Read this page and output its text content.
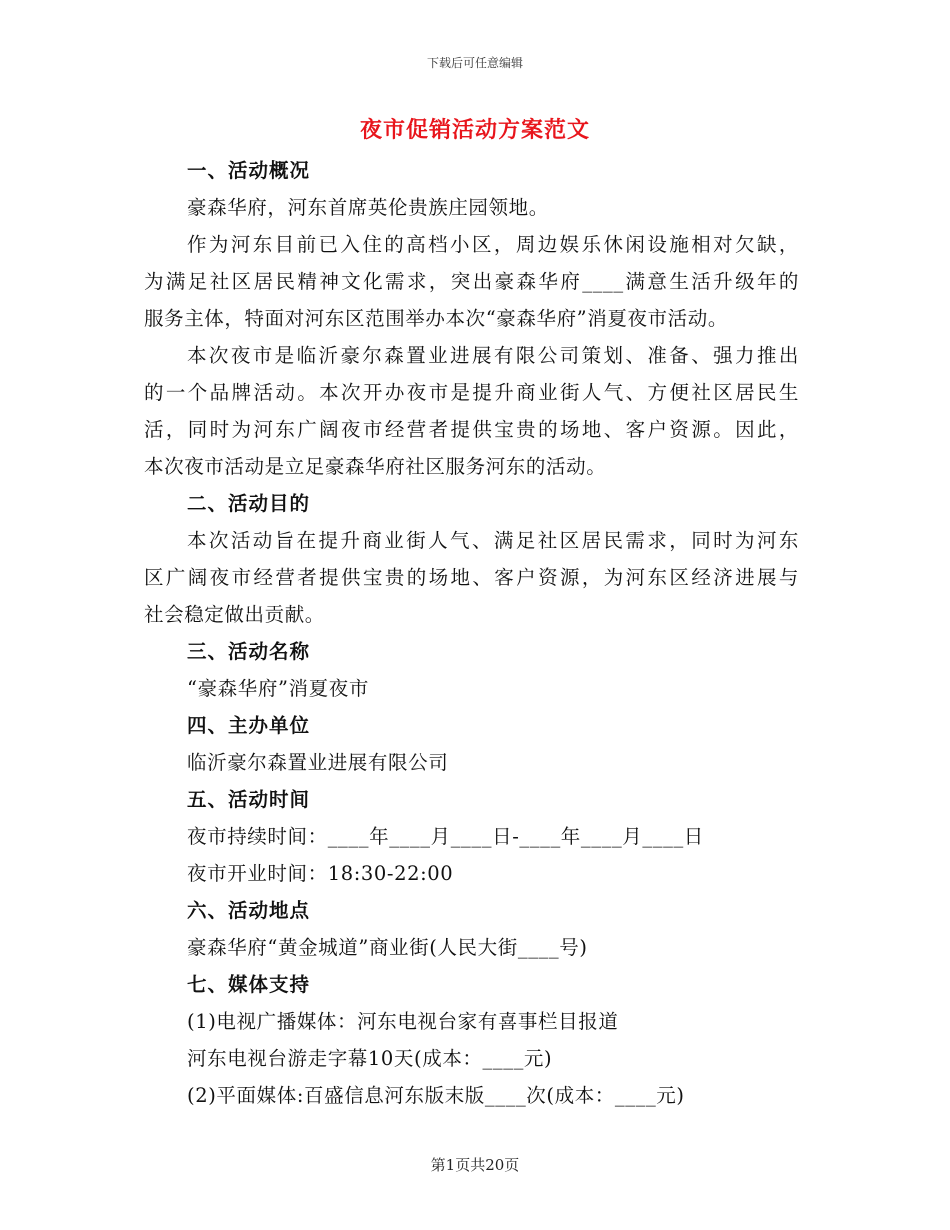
下载后可任意编辑
夜市促销活动方案范文
一、活动概况
豪森华府，河东首席英伦贵族庄园领地。
作为河东目前已入住的高档小区，周边娱乐休闲设施相对欠缺，
为满足社区居民精神文化需求，突出豪森华府____满意生活升级年的
服务主体，特面对河东区范围举办本次“豪森华府”消夏夜市活动。
本次夜市是临沂豪尔森置业进展有限公司策划、准备、强力推出
的一个品牌活动。本次开办夜市是提升商业街人气、方便社区居民生
活，同时为河东广阔夜市经营者提供宝贵的场地、客户资源。因此，
本次夜市活动是立足豪森华府社区服务河东的活动。
二、活动目的
本次活动旨在提升商业街人气、满足社区居民需求，同时为河东
区广阔夜市经营者提供宝贵的场地、客户资源，为河东区经济进展与
社会稳定做出贡献。
三、活动名称
“豪森华府”消夏夜市
四、主办单位
临沂豪尔森置业进展有限公司
五、活动时间
夜市持续时间：____年____月____日-____年____月____日
夜市开业时间：18:30-22:00
六、活动地点
豪森华府“黄金城道”商业街(人民大街____号)
七、媒体支持
(1)电视广播媒体：河东电视台家有喜事栏目报道
河东电视台游走字幕10天(成本：____元)
(2)平面媒体:百盛信息河东版末版____次(成本：____元)
第1页共20页
